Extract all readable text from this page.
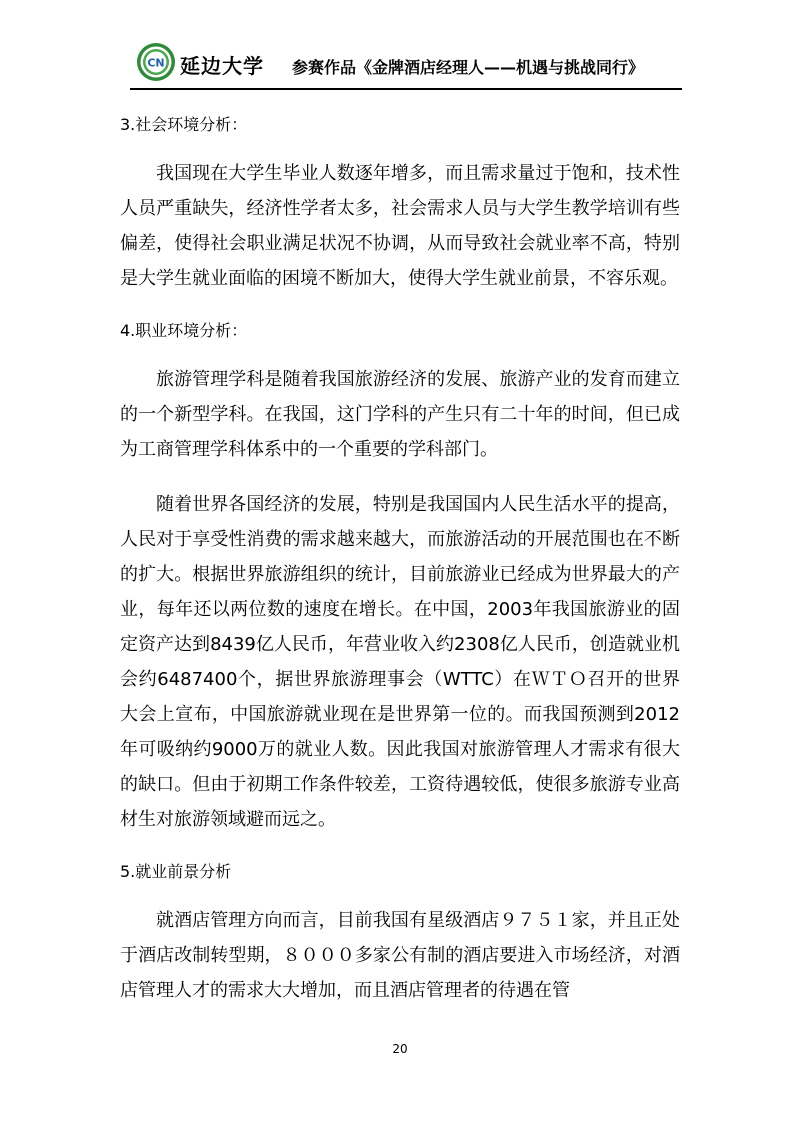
CN 延边大学 参赛作品《金牌酒店经理人——机遇与挑战同行》
3.社会环境分析：

我国现在大学生毕业人数逐年增多，而且需求量过于饱和，技术性人员严重缺失，经济性学者太多，社会需求人员与大学生教学培训有些偏差，使得社会职业满足状况不协调，从而导致社会就业率不高，特别是大学生就业面临的困境不断加大，使得大学生就业前景，不容乐观。

4.职业环境分析：

旅游管理学科是随着我国旅游经济的发展、旅游产业的发育而建立的一个新型学科。在我国，这门学科的产生只有二十年的时间，但已成为工商管理学科体系中的一个重要的学科部门。

随着世界各国经济的发展，特别是我国国内人民生活水平的提高，人民对于享受性消费的需求越来越大，而旅游活动的开展范围也在不断的扩大。根据世界旅游组织的统计，目前旅游业已经成为世界最大的产业，每年还以两位数的速度在增长。在中国，2003年我国旅游业的固定资产达到8439亿人民币，年营业收入约2308亿人民币，创造就业机会约6487400个，据世界旅游理事会（WTTC）在ＷＴＯ召开的世界大会上宣布，中国旅游就业现在是世界第一位的。而我国预测到2012年可吸纳约9000万的就业人数。因此我国对旅游管理人才需求有很大的缺口。但由于初期工作条件较差，工资待遇较低，使很多旅游专业高材生对旅游领域避而远之。

5.就业前景分析

就酒店管理方向而言，目前我国有星级酒店９７５１家，并且正处于酒店改制转型期，８０００多家公有制的酒店要进入市场经济，对酒店管理人才的需求大大增加，而且酒店管理者的待遇在管

20
